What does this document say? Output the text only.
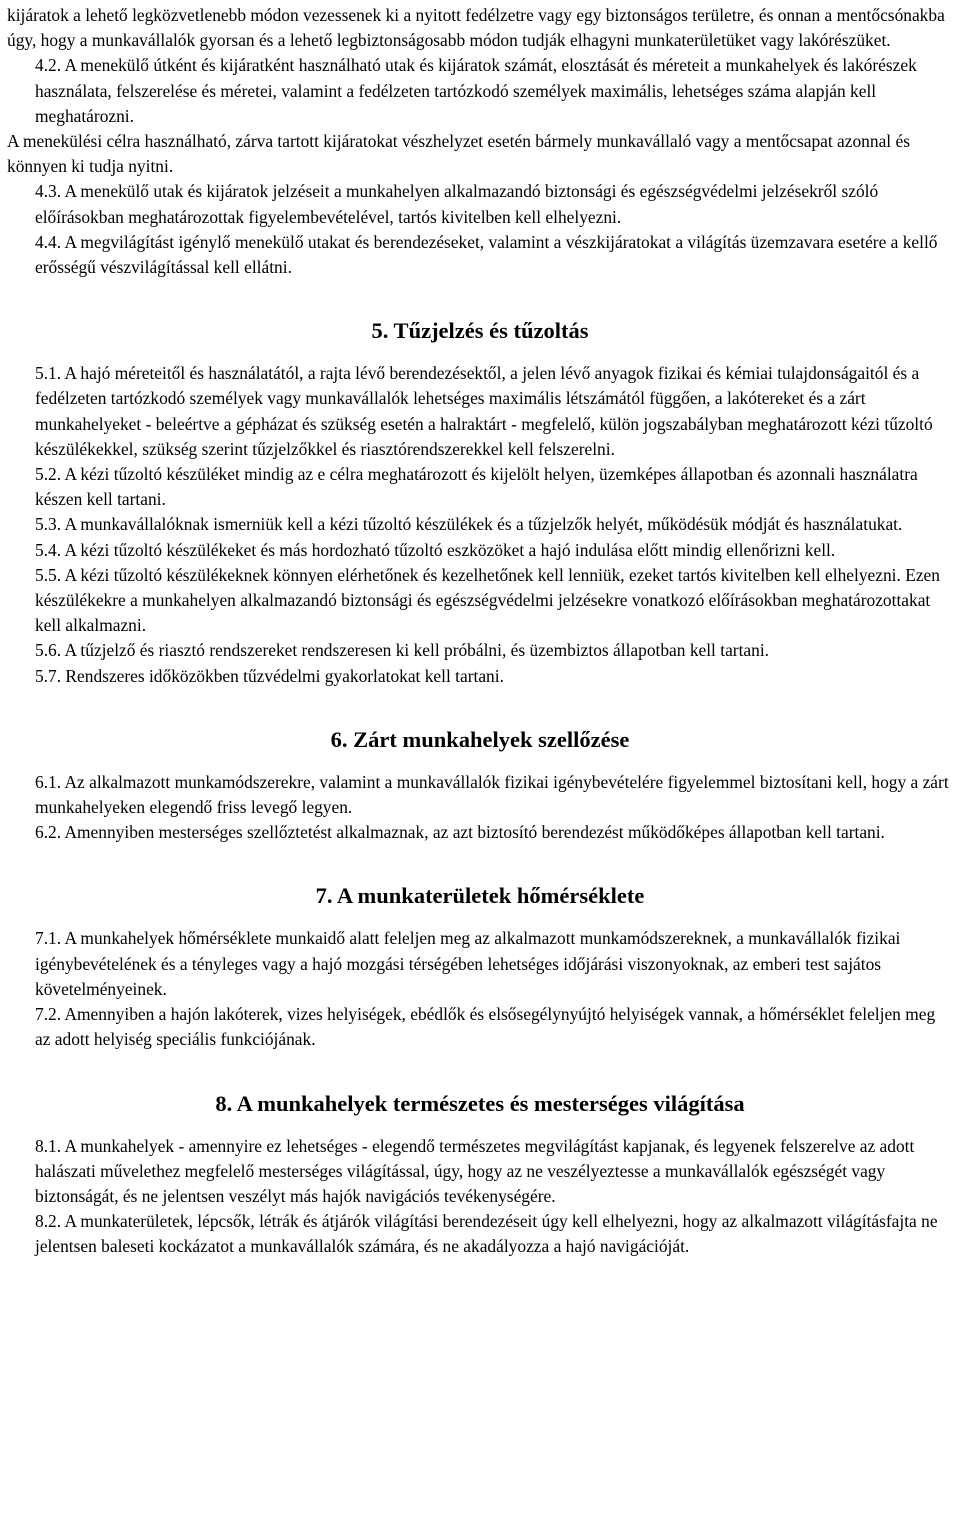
kijáratok a lehető legközvetlenebb módon vezessenek ki a nyitott fedélzetre vagy egy biztonságos területre, és onnan a mentőcsónakba úgy, hogy a munkavállalók gyorsan és a lehető legbiztonságosabb módon tudják elhagyni munkaterületüket vagy lakórészüket.

4.2. A menekülő útként és kijáratként használható utak és kijáratok számát, elosztását és méreteit a munkahelyek és lakórészek használata, felszerelése és méretei, valamint a fedélzeten tartózkodó személyek maximális, lehetséges száma alapján kell meghatározni.

A menekülési célra használható, zárva tartott kijáratokat vészhelyzet esetén bármely munkavállaló vagy a mentőcsapat azonnal és könnyen ki tudja nyitni.

4.3. A menekülő utak és kijáratok jelzéseit a munkahelyen alkalmazandó biztonsági és egészségvédelmi jelzésekről szóló előírásokban meghatározottak figyelembevételével, tartós kivitelben kell elhelyezni.

4.4. A megvilágítást igénylő menekülő utakat és berendezéseket, valamint a vészkijáratokat a világítás üzemzavara esetére a kellő erősségű vészvilágítással kell ellátni.

5. Tűzjelzés és tűzoltás

5.1. A hajó méreteitől és használatától, a rajta lévő berendezésektől, a jelen lévő anyagok fizikai és kémiai tulajdonságaitól és a fedélzeten tartózkodó személyek vagy munkavállalók lehetséges maximális létszámától függően, a lakótereket és a zárt munkahelyeket - beleértve a gépházat és szükség esetén a halraktárt - megfelelő, külön jogszabályban meghatározott kézi tűzoltó készülékekkel, szükség szerint tűzjelzőkkel és riasztórendszerekkel kell felszerelni.

5.2. A kézi tűzoltó készüléket mindig az e célra meghatározott és kijelölt helyen, üzemképes állapotban és azonnali használatra készen kell tartani.

5.3. A munkavállalóknak ismerniük kell a kézi tűzoltó készülékek és a tűzjelzők helyét, működésük módját és használatukat.

5.4. A kézi tűzoltó készülékeket és más hordozható tűzoltó eszközöket a hajó indulása előtt mindig ellenőrizni kell.

5.5. A kézi tűzoltó készülékeknek könnyen elérhetőnek és kezelhetőnek kell lenniük, ezeket tartós kivitelben kell elhelyezni. Ezen készülékekre a munkahelyen alkalmazandó biztonsági és egészségvédelmi jelzésekre vonatkozó előírásokban meghatározottakat kell alkalmazni.

5.6. A tűzjelző és riasztó rendszereket rendszeresen ki kell próbálni, és üzembiztos állapotban kell tartani.

5.7. Rendszeres időközökben tűzvédelmi gyakorlatokat kell tartani.

6. Zárt munkahelyek szellőzése

6.1. Az alkalmazott munkamódszerekre, valamint a munkavállalók fizikai igénybevételére figyelemmel biztosítani kell, hogy a zárt munkahelyeken elegendő friss levegő legyen.

6.2. Amennyiben mesterséges szellőztetést alkalmaznak, az azt biztosító berendezést működőképes állapotban kell tartani.

7. A munkaterületek hőmérséklete

7.1. A munkahelyek hőmérséklete munkaidő alatt feleljen meg az alkalmazott munkamódszereknek, a munkavállalók fizikai igénybevételének és a tényleges vagy a hajó mozgási térségében lehetséges időjárási viszonyoknak, az emberi test sajátos követelményeinek.

7.2. Amennyiben a hajón lakóterek, vizes helyiségek, ebédlők és elsősegélynyújtó helyiségek vannak, a hőmérséklet feleljen meg az adott helyiség speciális funkciójának.

8. A munkahelyek természetes és mesterséges világítása

8.1. A munkahelyek - amennyire ez lehetséges - elegendő természetes megvilágítást kapjanak, és legyenek felszerelve az adott halászati művelethez megfelelő mesterséges világítással, úgy, hogy az ne veszélyeztesse a munkavállalók egészségét vagy biztonságát, és ne jelentsen veszélyt más hajók navigációs tevékenységére.

8.2. A munkaterületek, lépcsők, létrák és átjárók világítási berendezéseit úgy kell elhelyezni, hogy az alkalmazott világításfajta ne jelentsen baleseti kockázatot a munkavállalók számára, és ne akadályozza a hajó navigációját.
